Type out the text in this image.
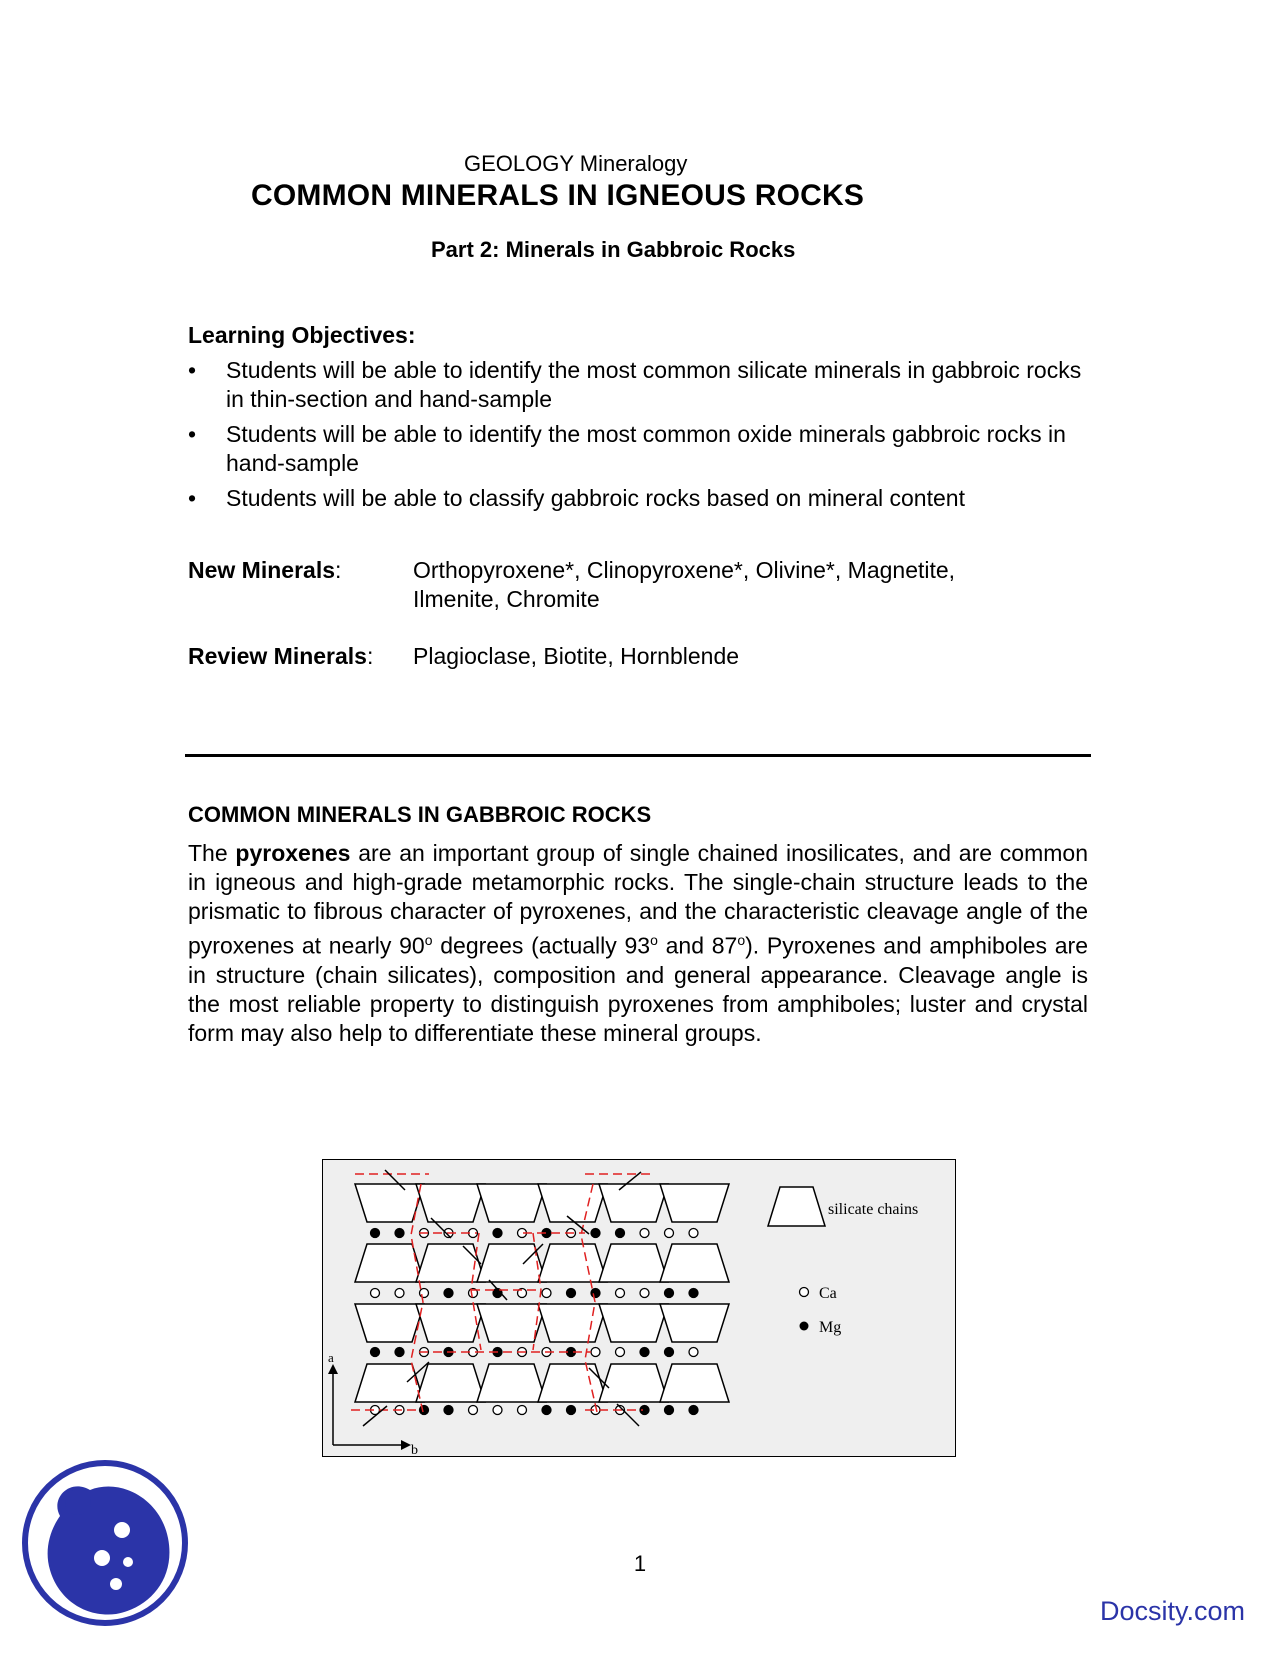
GEOLOGY Mineralogy
COMMON MINERALS IN IGNEOUS ROCKS
Part 2: Minerals in Gabbroic Rocks
Learning Objectives:
• Students will be able to identify the most common silicate minerals in gabbroic rocks in thin-section and hand-sample
• Students will be able to identify the most common oxide minerals gabbroic rocks in hand-sample
• Students will be able to classify gabbroic rocks based on mineral content
New Minerals:	Orthopyroxene*, Clinopyroxene*, Olivine*, Magnetite,
Ilmenite, Chromite
Review Minerals: Plagioclase, Biotite, Hornblende
COMMON MINERALS IN GABBROIC ROCKS
The pyroxenes are an important group of single chained inosilicates, and are common in igneous and high-grade metamorphic rocks. The single-chain structure leads to the prismatic to fibrous character of pyroxenes, and the characteristic cleavage angle of the pyroxenes at nearly 90$^o$ degrees (actually 93$^o$ and 87$^o$). Pyroxenes and amphiboles are in structure (chain silicates), composition and general appearance. Cleavage angle is the most reliable property to distinguish pyroxenes from amphiboles; luster and crystal form may also help to differentiate these mineral groups.
a
b
silicate chains
Ca
Mg
1
Docsity.com
